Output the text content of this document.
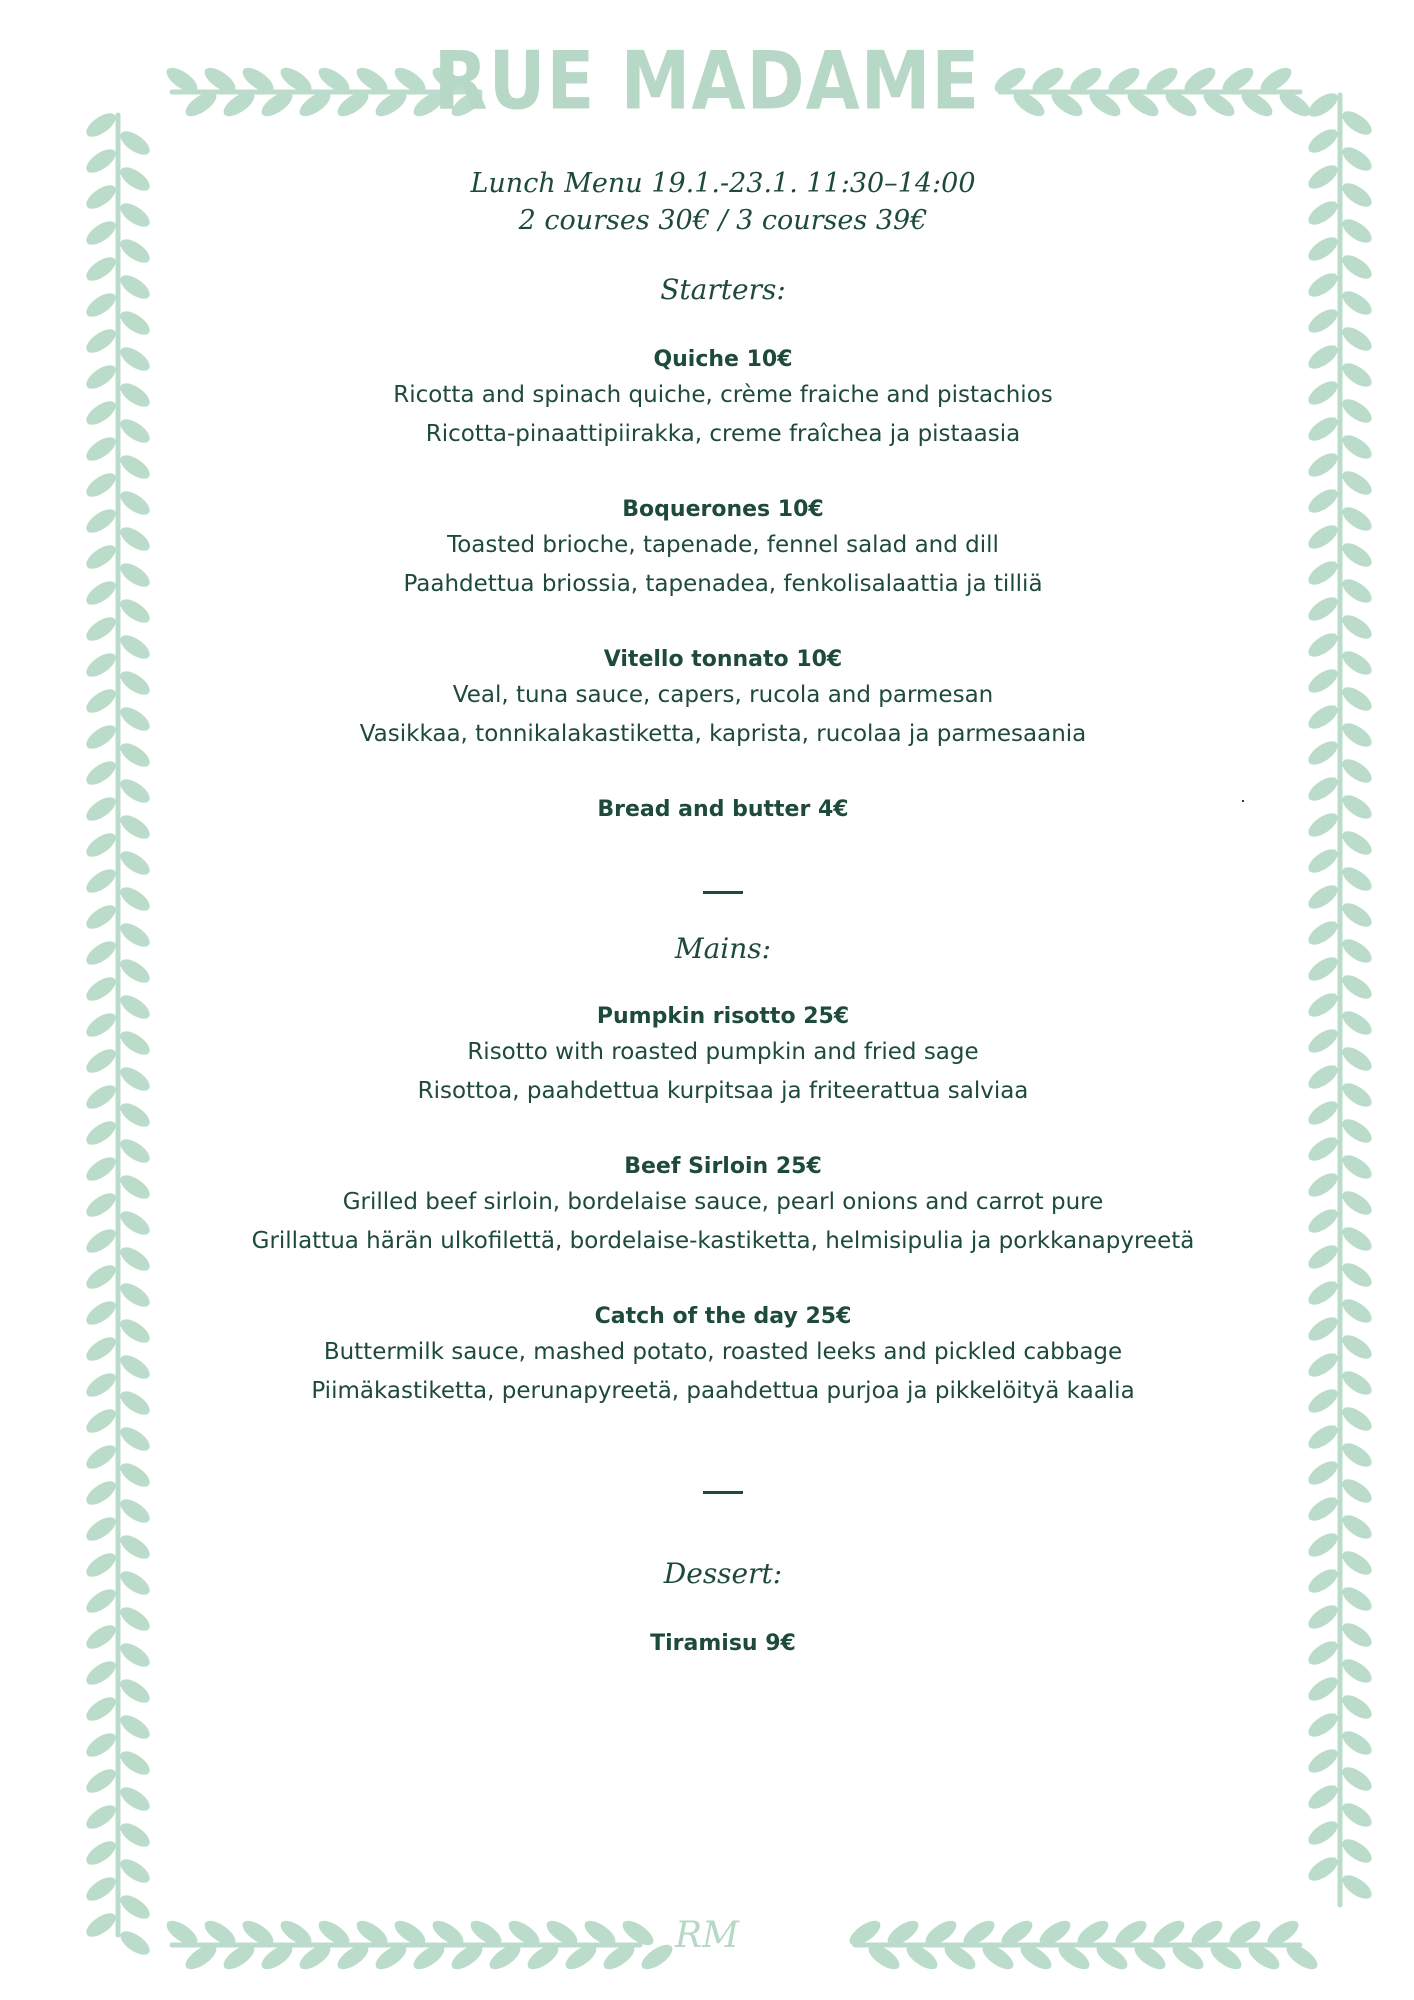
RUE MADAME

Lunch Menu 19.1.-23.1. 11:30–14:00

2 courses 30€ / 3 courses 39€

Starters:

Quiche 10€

Ricotta and spinach quiche, crème fraiche and pistachios

Ricotta-pinaattipiirakka, creme fraîchea ja pistaasia

Boquerones 10€

Toasted brioche, tapenade, fennel salad and dill

Paahdettua briossia, tapenadea, fenkolisalaattia ja tilliä

Vitello tonnato 10€

Veal, tuna sauce, capers, rucola and parmesan

Vasikkaa, tonnikalakastiketta, kaprista, rucolaa ja parmesaania

Bread and butter 4€

Mains:

Pumpkin risotto 25€

Risotto with roasted pumpkin and fried sage

Risottoa, paahdettua kurpitsaa ja friteerattua salviaa

Beef Sirloin 25€

Grilled beef sirloin, bordelaise sauce, pearl onions and carrot pure

Grillattua härän ulkofilettä, bordelaise-kastiketta, helmisipulia ja porkkanapyreetä

Catch of the day 25€

Buttermilk sauce, mashed potato, roasted leeks and pickled cabbage

Piimäkastiketta, perunapyreetä, paahdettua purjoa ja pikkelöityä kaalia

Dessert:

Tiramisu 9€

RM
